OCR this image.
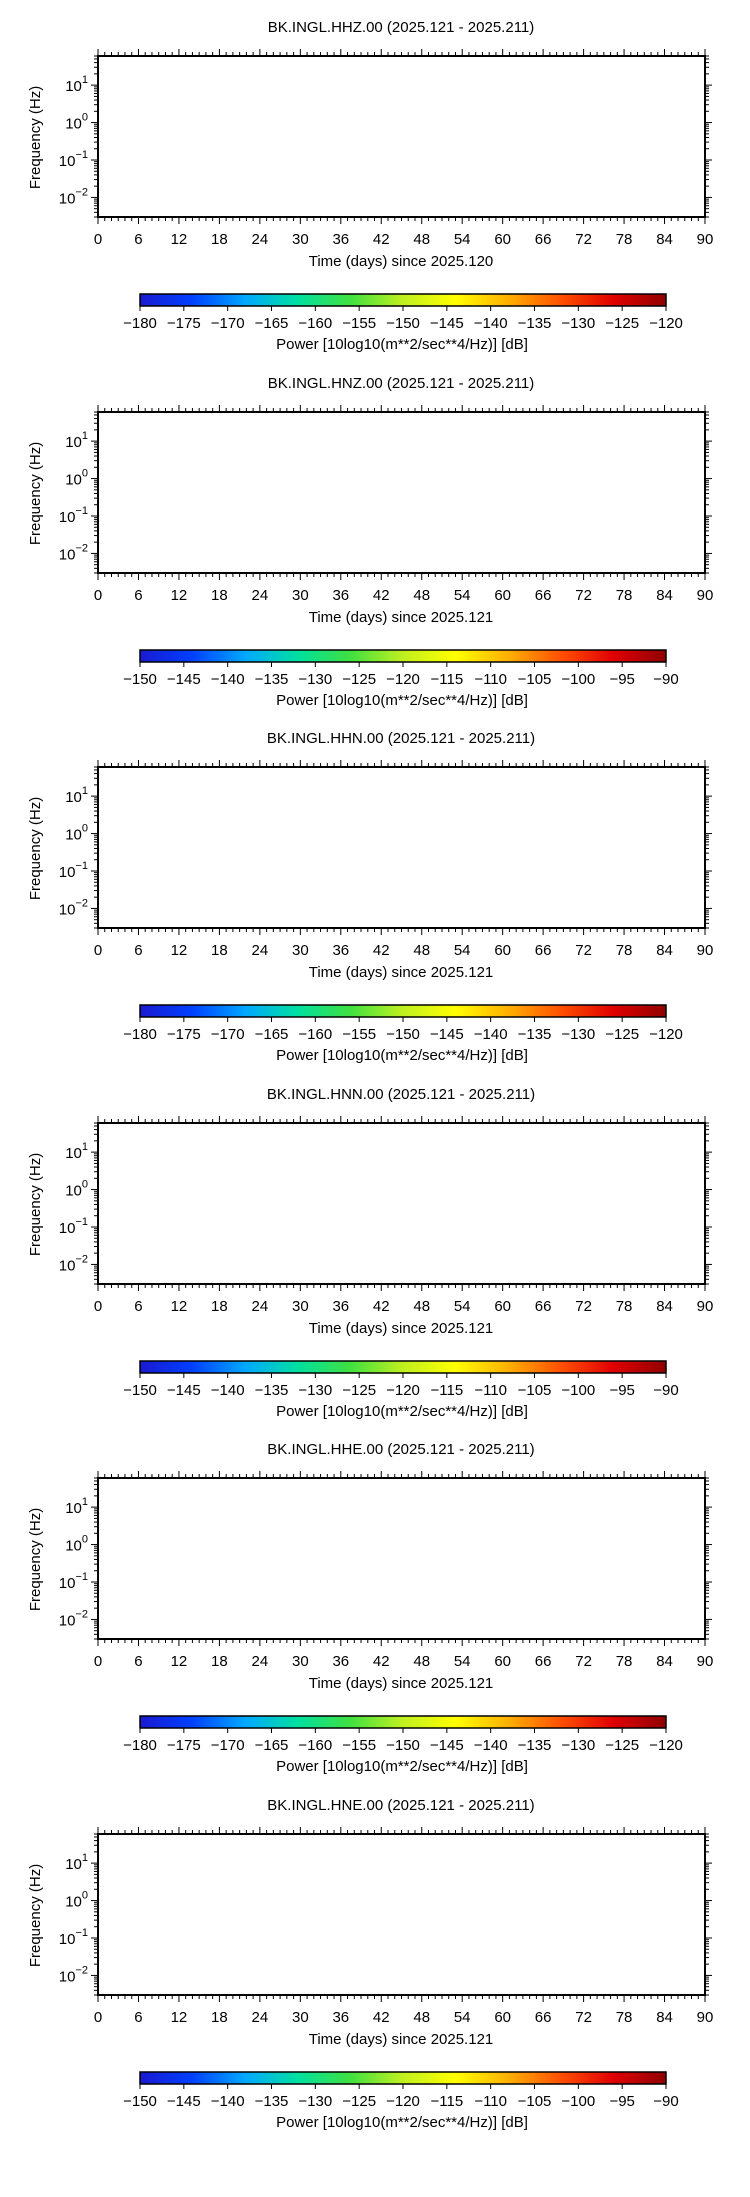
BK.INGL.HHZ.00 (2025.121 - 2025.211)
0 6 12 18 24 30 36 42 48 54 60 66 72 78 84 90
Time (days) since 2025.120
$10^1$
$10^0$
$10^{-1}$
$10^{-2}$
Frequency (Hz)
−180 −175 −170 −165 −160 −155 −150 −145 −140 −135 −130 −125 −120
Power [10log10(m**2/sec**4/Hz)] [dB]
BK.INGL.HNZ.00 (2025.121 - 2025.211)
0 6 12 18 24 30 36 42 48 54 60 66 72 78 84 90
Time (days) since 2025.121
$10^1$
$10^0$
$10^{-1}$
$10^{-2}$
Frequency (Hz)
−150 −145 −140 −135 −130 −125 −120 −115 −110 −105 −100 −95 −90
Power [10log10(m**2/sec**4/Hz)] [dB]
BK.INGL.HHN.00 (2025.121 - 2025.211)
0 6 12 18 24 30 36 42 48 54 60 66 72 78 84 90
Time (days) since 2025.121
$10^1$
$10^0$
$10^{-1}$
$10^{-2}$
Frequency (Hz)
−180 −175 −170 −165 −160 −155 −150 −145 −140 −135 −130 −125 −120
Power [10log10(m**2/sec**4/Hz)] [dB]
BK.INGL.HNN.00 (2025.121 - 2025.211)
0 6 12 18 24 30 36 42 48 54 60 66 72 78 84 90
Time (days) since 2025.121
$10^1$
$10^0$
$10^{-1}$
$10^{-2}$
Frequency (Hz)
−150 −145 −140 −135 −130 −125 −120 −115 −110 −105 −100 −95 −90
Power [10log10(m**2/sec**4/Hz)] [dB]
BK.INGL.HHE.00 (2025.121 - 2025.211)
0 6 12 18 24 30 36 42 48 54 60 66 72 78 84 90
Time (days) since 2025.121
$10^1$
$10^0$
$10^{-1}$
$10^{-2}$
Frequency (Hz)
−180 −175 −170 −165 −160 −155 −150 −145 −140 −135 −130 −125 −120
Power [10log10(m**2/sec**4/Hz)] [dB]
BK.INGL.HNE.00 (2025.121 - 2025.211)
0 6 12 18 24 30 36 42 48 54 60 66 72 78 84 90
Time (days) since 2025.121
$10^1$
$10^0$
$10^{-1}$
$10^{-2}$
Frequency (Hz)
−150 −145 −140 −135 −130 −125 −120 −115 −110 −105 −100 −95 −90
Power [10log10(m**2/sec**4/Hz)] [dB]
